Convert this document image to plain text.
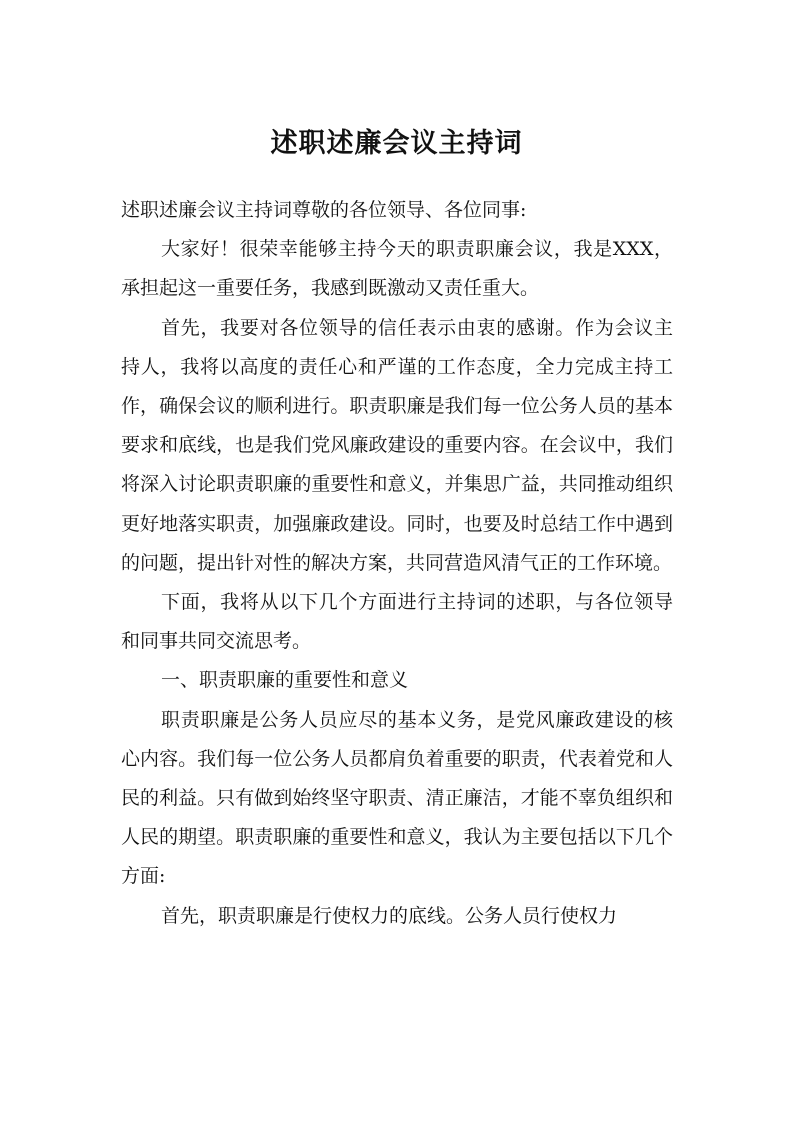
述职述廉会议主持词

述职述廉会议主持词尊敬的各位领导、各位同事:

大家好！很荣幸能够主持今天的职责职廉会议，我是XXX，承担起这一重要任务，我感到既激动又责任重大。

首先，我要对各位领导的信任表示由衷的感谢。作为会议主持人，我将以高度的责任心和严谨的工作态度，全力完成主持工作，确保会议的顺利进行。职责职廉是我们每一位公务人员的基本要求和底线，也是我们党风廉政建设的重要内容。在会议中，我们将深入讨论职责职廉的重要性和意义，并集思广益，共同推动组织更好地落实职责，加强廉政建设。同时，也要及时总结工作中遇到的问题，提出针对性的解决方案，共同营造风清气正的工作环境。

下面，我将从以下几个方面进行主持词的述职，与各位领导和同事共同交流思考。

一、职责职廉的重要性和意义

职责职廉是公务人员应尽的基本义务，是党风廉政建设的核心内容。我们每一位公务人员都肩负着重要的职责，代表着党和人民的利益。只有做到始终坚守职责、清正廉洁，才能不辜负组织和人民的期望。职责职廉的重要性和意义，我认为主要包括以下几个方面:

首先，职责职廉是行使权力的底线。公务人员行使权力
